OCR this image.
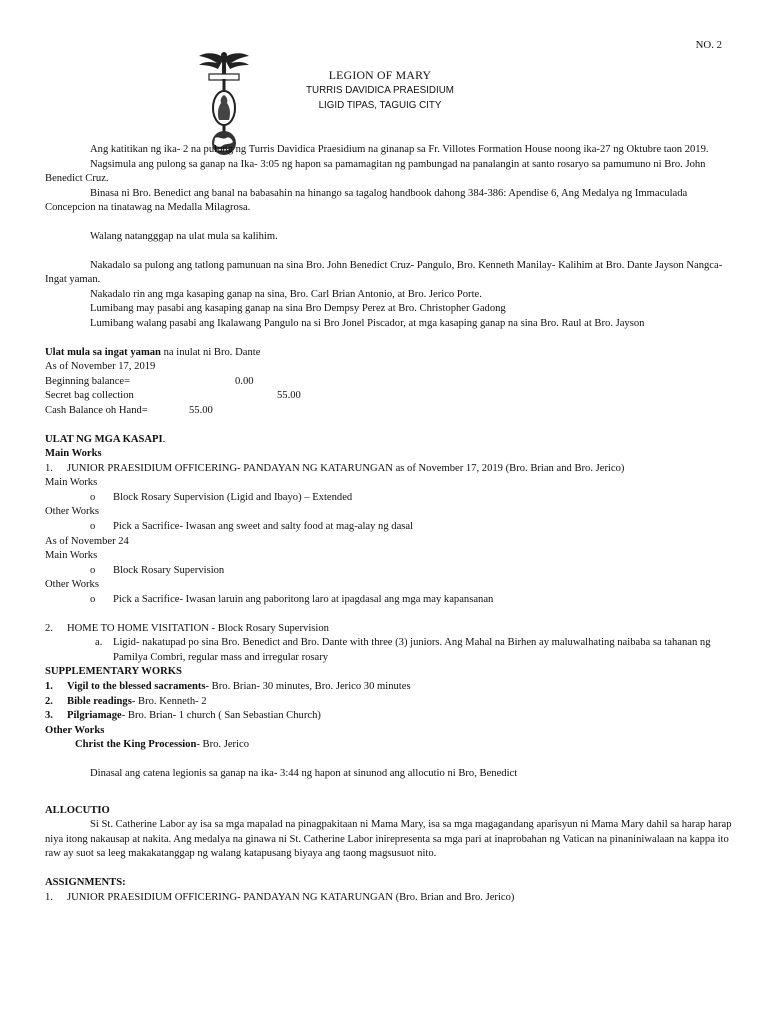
NO. 2
LEGION OF MARY
TURRIS DAVIDICA PRAESIDIUM
LIGID TIPAS, TAGUIG CITY

Ang katitikan ng ika- 2 na pulong ng Turris Davidica Praesidium na ginanap sa Fr. Villotes Formation House noong ika-27 ng Oktubre taon 2019.

Nagsimula ang pulong sa ganap na Ika- 3:05 ng hapon sa pamamagitan ng pambungad na panalangin at santo rosaryo sa pamumuno ni Bro. John Benedict Cruz.

Binasa ni Bro. Benedict ang banal na babasahin na hinango sa tagalog handbook dahong 384-386: Apendise 6, Ang Medalya ng Immaculada Concepcion na tinatawag na Medalla Milagrosa.

Walang natangggap na ulat mula sa kalihim.

Nakadalo sa pulong ang tatlong pamunuan na sina Bro. John Benedict Cruz- Pangulo, Bro. Kenneth Manilay- Kalihim at Bro. Dante Jayson Nangca- Ingat yaman.

Nakadalo rin ang mga kasaping ganap na sina, Bro. Carl Brian Antonio, at Bro. Jerico Porte.

Lumibang may pasabi ang kasaping ganap na sina Bro Dempsy Perez at Bro. Christopher Gadong

Lumibang walang pasabi ang Ikalawang Pangulo na si Bro Jonel Piscador, at mga kasaping ganap na sina Bro. Raul at Bro. Jayson

Ulat mula sa ingat yaman na inulat ni Bro. Dante

As of November 17, 2019

Beginning balance=	0.00
Secret bag collection	55.00
Cash Balance oh Hand=	55.00

ULAT NG MGA KASAPI.

Main Works

1. JUNIOR PRAESIDIUM OFFICERING- PANDAYAN NG KATARUNGAN as of November 17, 2019 (Bro. Brian and Bro. Jerico)

Main Works

o Block Rosary Supervision (Ligid and Ibayo) – Extended

Other Works

o Pick a Sacrifice- Iwasan ang sweet and salty food at mag-alay ng dasal

As of November 24

Main Works

o Block Rosary Supervision

Other Works

o Pick a Sacrifice- Iwasan laruin ang paboritong laro at ipagdasal ang mga may kapansanan
2. HOME TO HOME VISITATION - Block Rosary Supervision
a. Ligid- nakatupad po sina Bro. Benedict and Bro. Dante with three (3) juniors. Ang Mahal na Birhen ay maluwalhating naibaba sa tahanan ng Pamilya Combri, regular mass and irregular rosary

SUPPLEMENTARY WORKS

1. Vigil to the blessed sacraments- Bro. Brian- 30 minutes, Bro. Jerico 30 minutes
2. Bible readings- Bro. Kenneth- 2
3. Pilgriamage- Bro. Brian- 1 church ( San Sebastian Church)

Other Works

Christ the King Procession- Bro. Jerico

Dinasal ang catena legionis sa ganap na ika- 3:44 ng hapon at sinunod ang allocutio ni Bro, Benedict

ALLOCUTIO

Si St. Catherine Labor ay isa sa mga mapalad na pinagpakitaan ni Mama Mary, isa sa mga magagandang aparisyun ni Mama Mary dahil sa harap harap niya itong nakausap at nakita. Ang medalya na ginawa ni St. Catherine Labor inirepresenta sa mga pari at inaprobahan ng Vatican na pinaniniwalaan na kappa ito raw ay suot sa leeg makakatanggap ng walang katapusang biyaya ang taong magsusuot nito.

ASSIGNMENTS:

1. JUNIOR PRAESIDIUM OFFICERING- PANDAYAN NG KATARUNGAN (Bro. Brian and Bro. Jerico)
